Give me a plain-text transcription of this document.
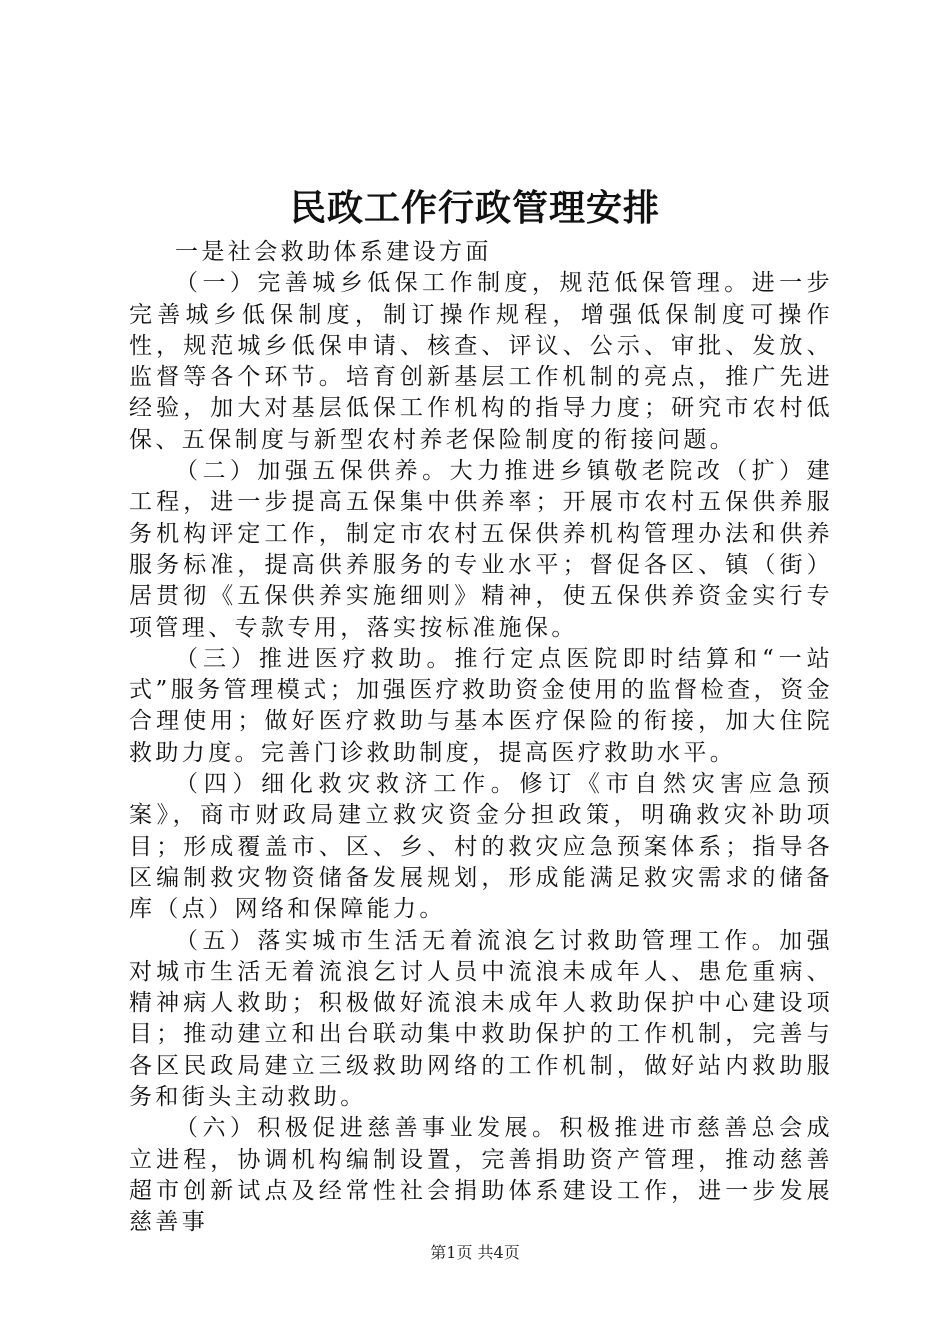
民政工作行政管理安排

一是社会救助体系建设方面

（一）完善城乡低保工作制度，规范低保管理。进一步完善城乡低保制度，制订操作规程，增强低保制度可操作性，规范城乡低保申请、核查、评议、公示、审批、发放、监督等各个环节。培育创新基层工作机制的亮点，推广先进经验，加大对基层低保工作机构的指导力度；研究市农村低保、五保制度与新型农村养老保险制度的衔接问题。

（二）加强五保供养。大力推进乡镇敬老院改（扩）建工程，进一步提高五保集中供养率；开展市农村五保供养服务机构评定工作，制定市农村五保供养机构管理办法和供养服务标准，提高供养服务的专业水平；督促各区、镇（街）居贯彻《五保供养实施细则》精神，使五保供养资金实行专项管理、专款专用，落实按标准施保。

（三）推进医疗救助。推行定点医院即时结算和“一站式”服务管理模式；加强医疗救助资金使用的监督检查，资金合理使用；做好医疗救助与基本医疗保险的衔接，加大住院救助力度。完善门诊救助制度，提高医疗救助水平。

（四）细化救灾救济工作。修订《市自然灾害应急预案》，商市财政局建立救灾资金分担政策，明确救灾补助项目；形成覆盖市、区、乡、村的救灾应急预案体系；指导各区编制救灾物资储备发展规划，形成能满足救灾需求的储备库（点）网络和保障能力。

（五）落实城市生活无着流浪乞讨救助管理工作。加强对城市生活无着流浪乞讨人员中流浪未成年人、患危重病、精神病人救助；积极做好流浪未成年人救助保护中心建设项目；推动建立和出台联动集中救助保护的工作机制，完善与各区民政局建立三级救助网络的工作机制，做好站内救助服务和街头主动救助。

（六）积极促进慈善事业发展。积极推进市慈善总会成立进程，协调机构编制设置，完善捐助资产管理，推动慈善超市创新试点及经常性社会捐助体系建设工作，进一步发展慈善事

第1页 共4页
